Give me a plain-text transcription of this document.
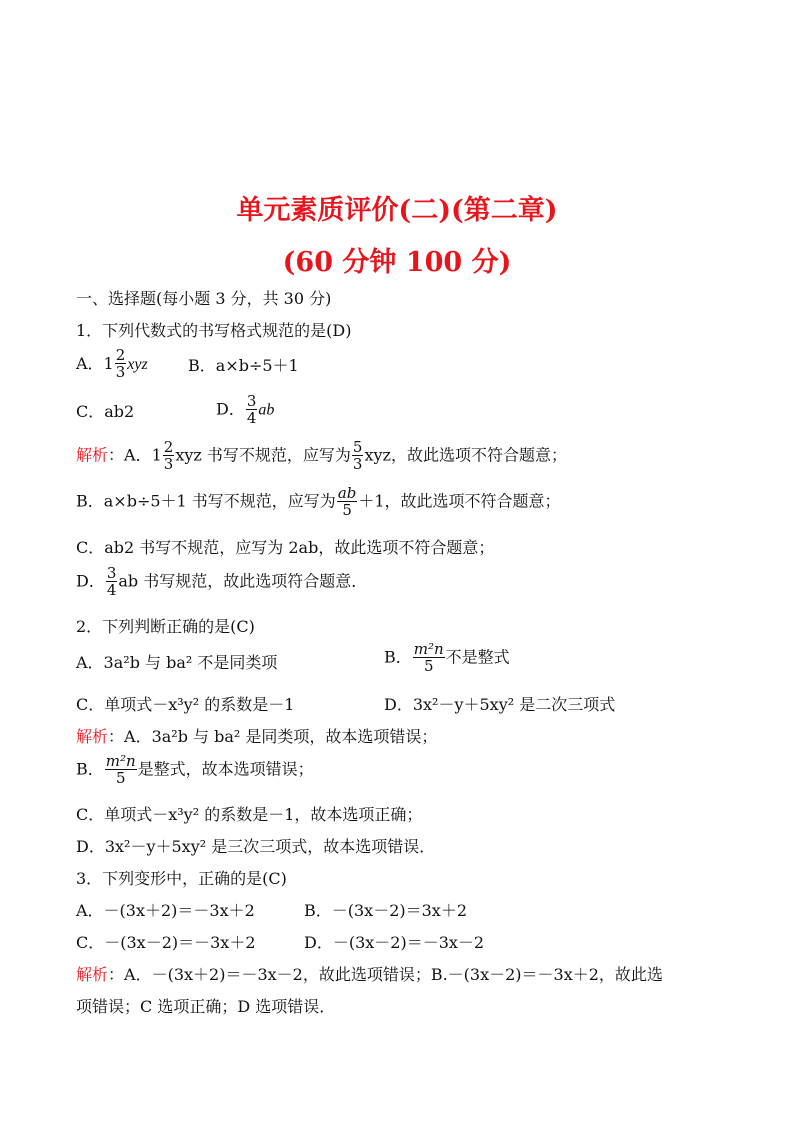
单元素质评价(二)(第二章)
(60 分钟 100 分)
一、选择题(每小题 3 分，共 30 分)
1．下列代数式的书写格式规范的是(D)
A．$1 \frac{2}{3}$ xyz	B．a×b÷5＋1
C．ab2	D． $\frac{3}{4}$ ab
解析：A．$1 \frac{2}{3}$ xyz 书写不规范，应写为 $\frac{5}{3}$ xyz，故此选项不符合题意；
B．a×b÷5＋1 书写不规范，应写为 $\frac{ab}{5} +1$，故此选项不符合题意；
C．ab2 书写不规范，应写为 2ab，故此选项不符合题意；
D． $\frac{3}{4}$ ab 书写规范，故此选项符合题意．
2．下列判断正确的是(C)
A．3a²b 与 ba² 不是同类项	B． $\frac{\text{m²n}}{5}$ 不是整式
C．单项式－x³y² 的系数是－1	D．3x²－y＋5xy² 是二次三项式
解析：A．3a²b 与 ba² 是同类项，故本选项错误；
B． $\frac{\text{m²n}}{5}$ 是整式，故本选项错误；
C．单项式－x³y² 的系数是－1，故本选项正确；
D．3x²－y＋5xy² 是三次三项式，故本选项错误．
3．下列变形中，正确的是(C)
A．－(3x＋2)＝－3x＋2	B．－(3x－2)＝3x＋2
C．－(3x－2)＝－3x＋2	D．－(3x－2)＝－3x－2
解析：A．－(3x＋2)＝－3x－2，故此选项错误；B.－(3x－2)＝－3x＋2，故此选
项错误；C 选项正确；D 选项错误．
